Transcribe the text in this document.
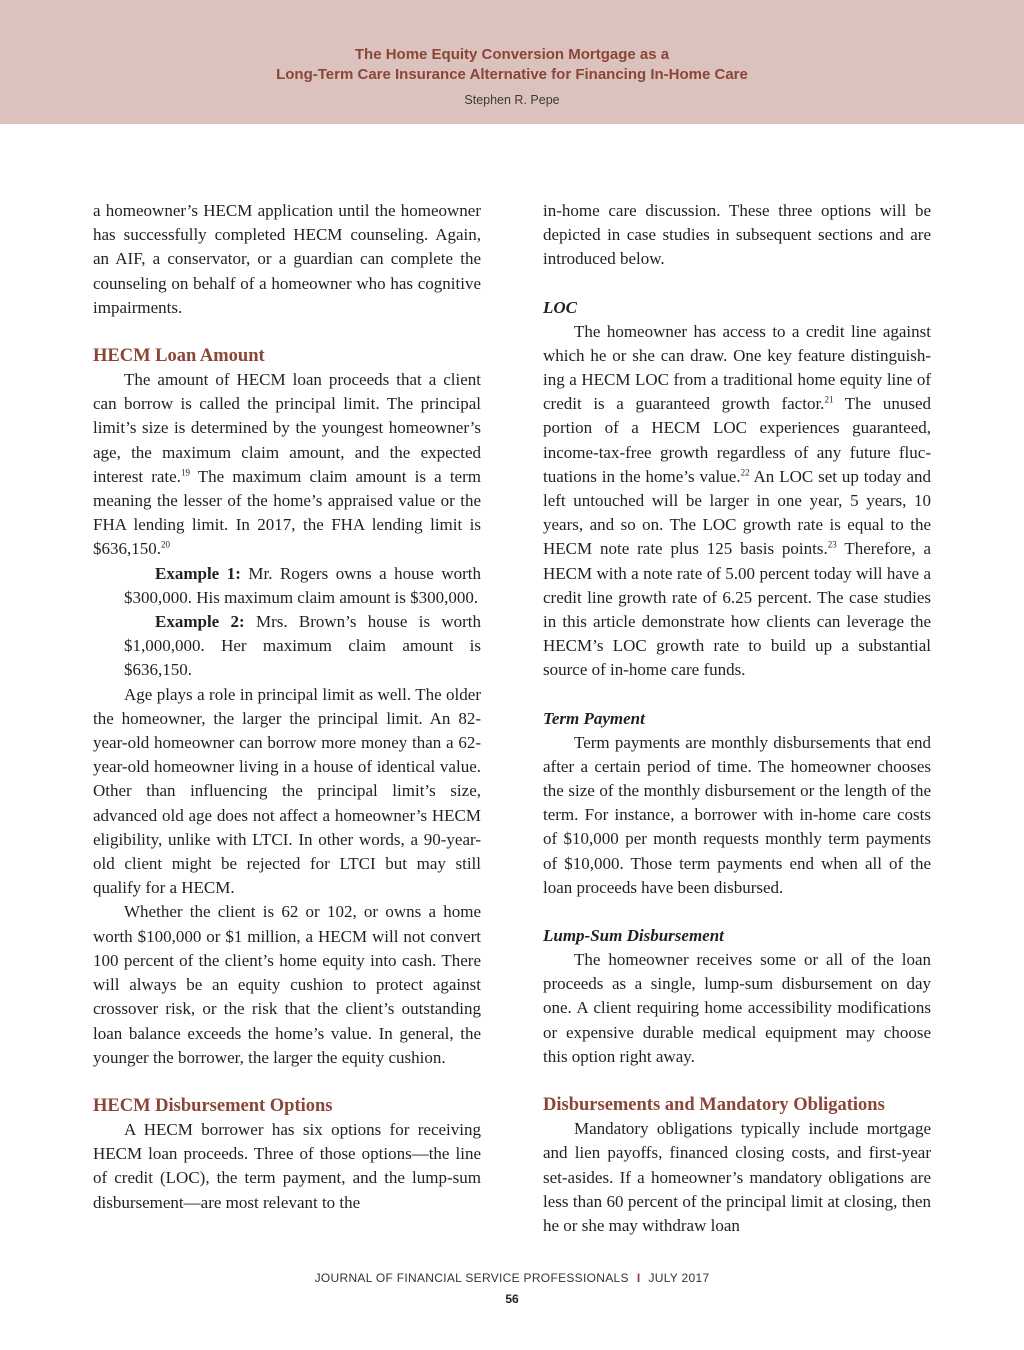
The Home Equity Conversion Mortgage as a
Long-Term Care Insurance Alternative for Financing In-Home Care
Stephen R. Pepe

a homeowner’s HECM application until the homeowner has successfully completed HECM counseling. Again, an AIF, a conservator, or a guardian can complete the counseling on behalf of a homeowner who has cognitive impairments.

HECM Loan Amount

The amount of HECM loan proceeds that a client can borrow is called the principal limit. The principal limit’s size is determined by the youngest homeowner’s age, the maximum claim amount, and the expected interest rate.$^{19}$ The maximum claim amount is a term meaning the lesser of the home’s appraised value or the FHA lending limit. In 2017, the FHA lending limit is $636,150.20

Example 1: Mr. Rogers owns a house worth $300,000. His maximum claim amount is $300,000.

Example 2: Mrs. Brown’s house is worth $1,000,000. Her maximum claim amount is $636,150.

Age plays a role in principal limit as well. The older the homeowner, the larger the principal limit. An 82-year-old homeowner can borrow more money than a 62-year-old homeowner living in a house of identical value. Other than influencing the principal limit’s size, advanced old age does not affect a homeowner’s HECM eligibility, unlike with LTCI. In other words, a 90-year-old client might be rejected for LTCI but may still qualify for a HECM.

Whether the client is 62 or 102, or owns a home worth $100,000 or $1 million, a HECM will not convert 100 percent of the client’s home equity into cash. There will always be an equity cushion to protect against crossover risk, or the risk that the client’s outstanding loan balance exceeds the home’s value. In general, the younger the borrower, the larger the equity cushion.

HECM Disbursement Options

A HECM borrower has six options for receiving HECM loan proceeds. Three of those options—the line of credit (LOC), the term payment, and the lump-sum disbursement—are most relevant to the

in-home care discussion. These three options will be depicted in case studies in subsequent sections and are introduced below.

LOC

The homeowner has access to a credit line against which he or she can draw. One key feature distinguishing a HECM LOC from a traditional home equity line of credit is a guaranteed growth factor.$^{21}$ The unused portion of a HECM LOC experiences guaranteed, income-tax-free growth regardless of any future fluctuations in the home’s value.$^{22}$ An LOC set up today and left untouched will be larger in one year, 5 years, 10 years, and so on. The LOC growth rate is equal to the HECM note rate plus 125 basis points.$^{23}$ Therefore, a HECM with a note rate of 5.00 percent today will have a credit line growth rate of 6.25 percent. The case studies in this article demonstrate how clients can leverage the HECM’s LOC growth rate to build up a substantial source of in-home care funds.

Term Payment

Term payments are monthly disbursements that end after a certain period of time. The homeowner chooses the size of the monthly disbursement or the length of the term. For instance, a borrower with in-home care costs of $10,000 per month requests monthly term payments of $10,000. Those term payments end when all of the loan proceeds have been disbursed.

Lump-Sum Disbursement

The homeowner receives some or all of the loan proceeds as a single, lump-sum disbursement on day one. A client requiring home accessibility modifications or expensive durable medical equipment may choose this option right away.

Disbursements and Mandatory Obligations

Mandatory obligations typically include mortgage and lien payoffs, financed closing costs, and first-year set-asides. If a homeowner’s mandatory obligations are less than 60 percent of the principal limit at closing, then he or she may withdraw loan

JOURNAL OF FINANCIAL SERVICE PROFESSIONALS I JULY 2017
56
